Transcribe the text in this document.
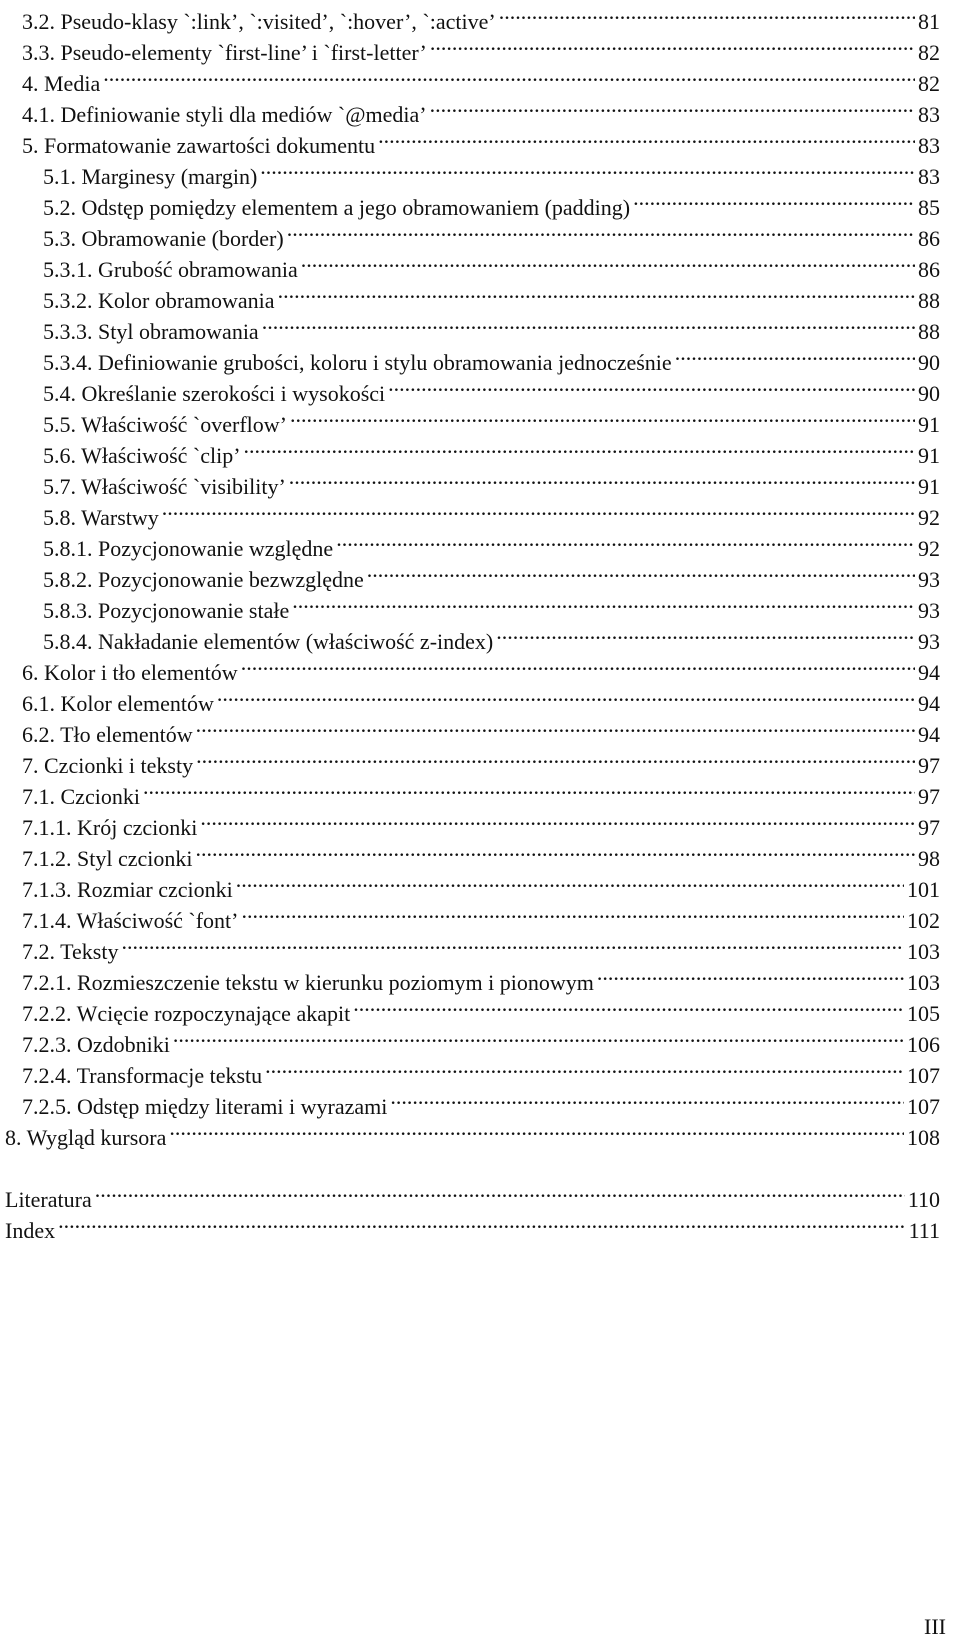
3.2. Pseudo-klasy `:link’, `:visited’, `:hover’, `:active’ .....	81
3.3. Pseudo-elementy `first-line’ i `first-letter’ .....	82
4. Media .....	82
4.1. Definiowanie styli dla mediów `@media’ .....	83
5. Formatowanie zawartości dokumentu .....	83
5.1. Marginesy (margin) .....	83
5.2. Odstęp pomiędzy elementem a jego obramowaniem (padding) .....	85
5.3. Obramowanie (border) .....	86
5.3.1. Grubość obramowania .....	86
5.3.2. Kolor obramowania .....	88
5.3.3. Styl obramowania .....	88
5.3.4. Definiowanie grubości, koloru i stylu obramowania jednocześnie .....	90
5.4. Określanie szerokości i wysokości .....	90
5.5. Właściwość `overflow’ .....	91
5.6. Właściwość `clip’ .....	91
5.7. Właściwość `visibility’ .....	91
5.8. Warstwy .....	92
5.8.1. Pozycjonowanie względne .....	92
5.8.2. Pozycjonowanie bezwzględne .....	93
5.8.3. Pozycjonowanie stałe .....	93
5.8.4. Nakładanie elementów (właściwość z-index) .....	93
6. Kolor i tło elementów .....	94
6.1. Kolor elementów .....	94
6.2. Tło elementów .....	94
7. Czcionki i teksty .....	97
7.1. Czcionki .....	97
7.1.1. Krój czcionki .....	97
7.1.2. Styl czcionki .....	98
7.1.3. Rozmiar czcionki .....	101
7.1.4. Właściwość `font’ .....	102
7.2. Teksty .....	103
7.2.1. Rozmieszczenie tekstu w kierunku poziomym i pionowym .....	103
7.2.2. Wcięcie rozpoczynające akapit .....	105
7.2.3. Ozdobniki .....	106
7.2.4. Transformacje tekstu .....	107
7.2.5. Odstęp między literami i wyrazami .....	107
8. Wygląd kursora .....	108
Literatura .....	110
Index .....	111
III
